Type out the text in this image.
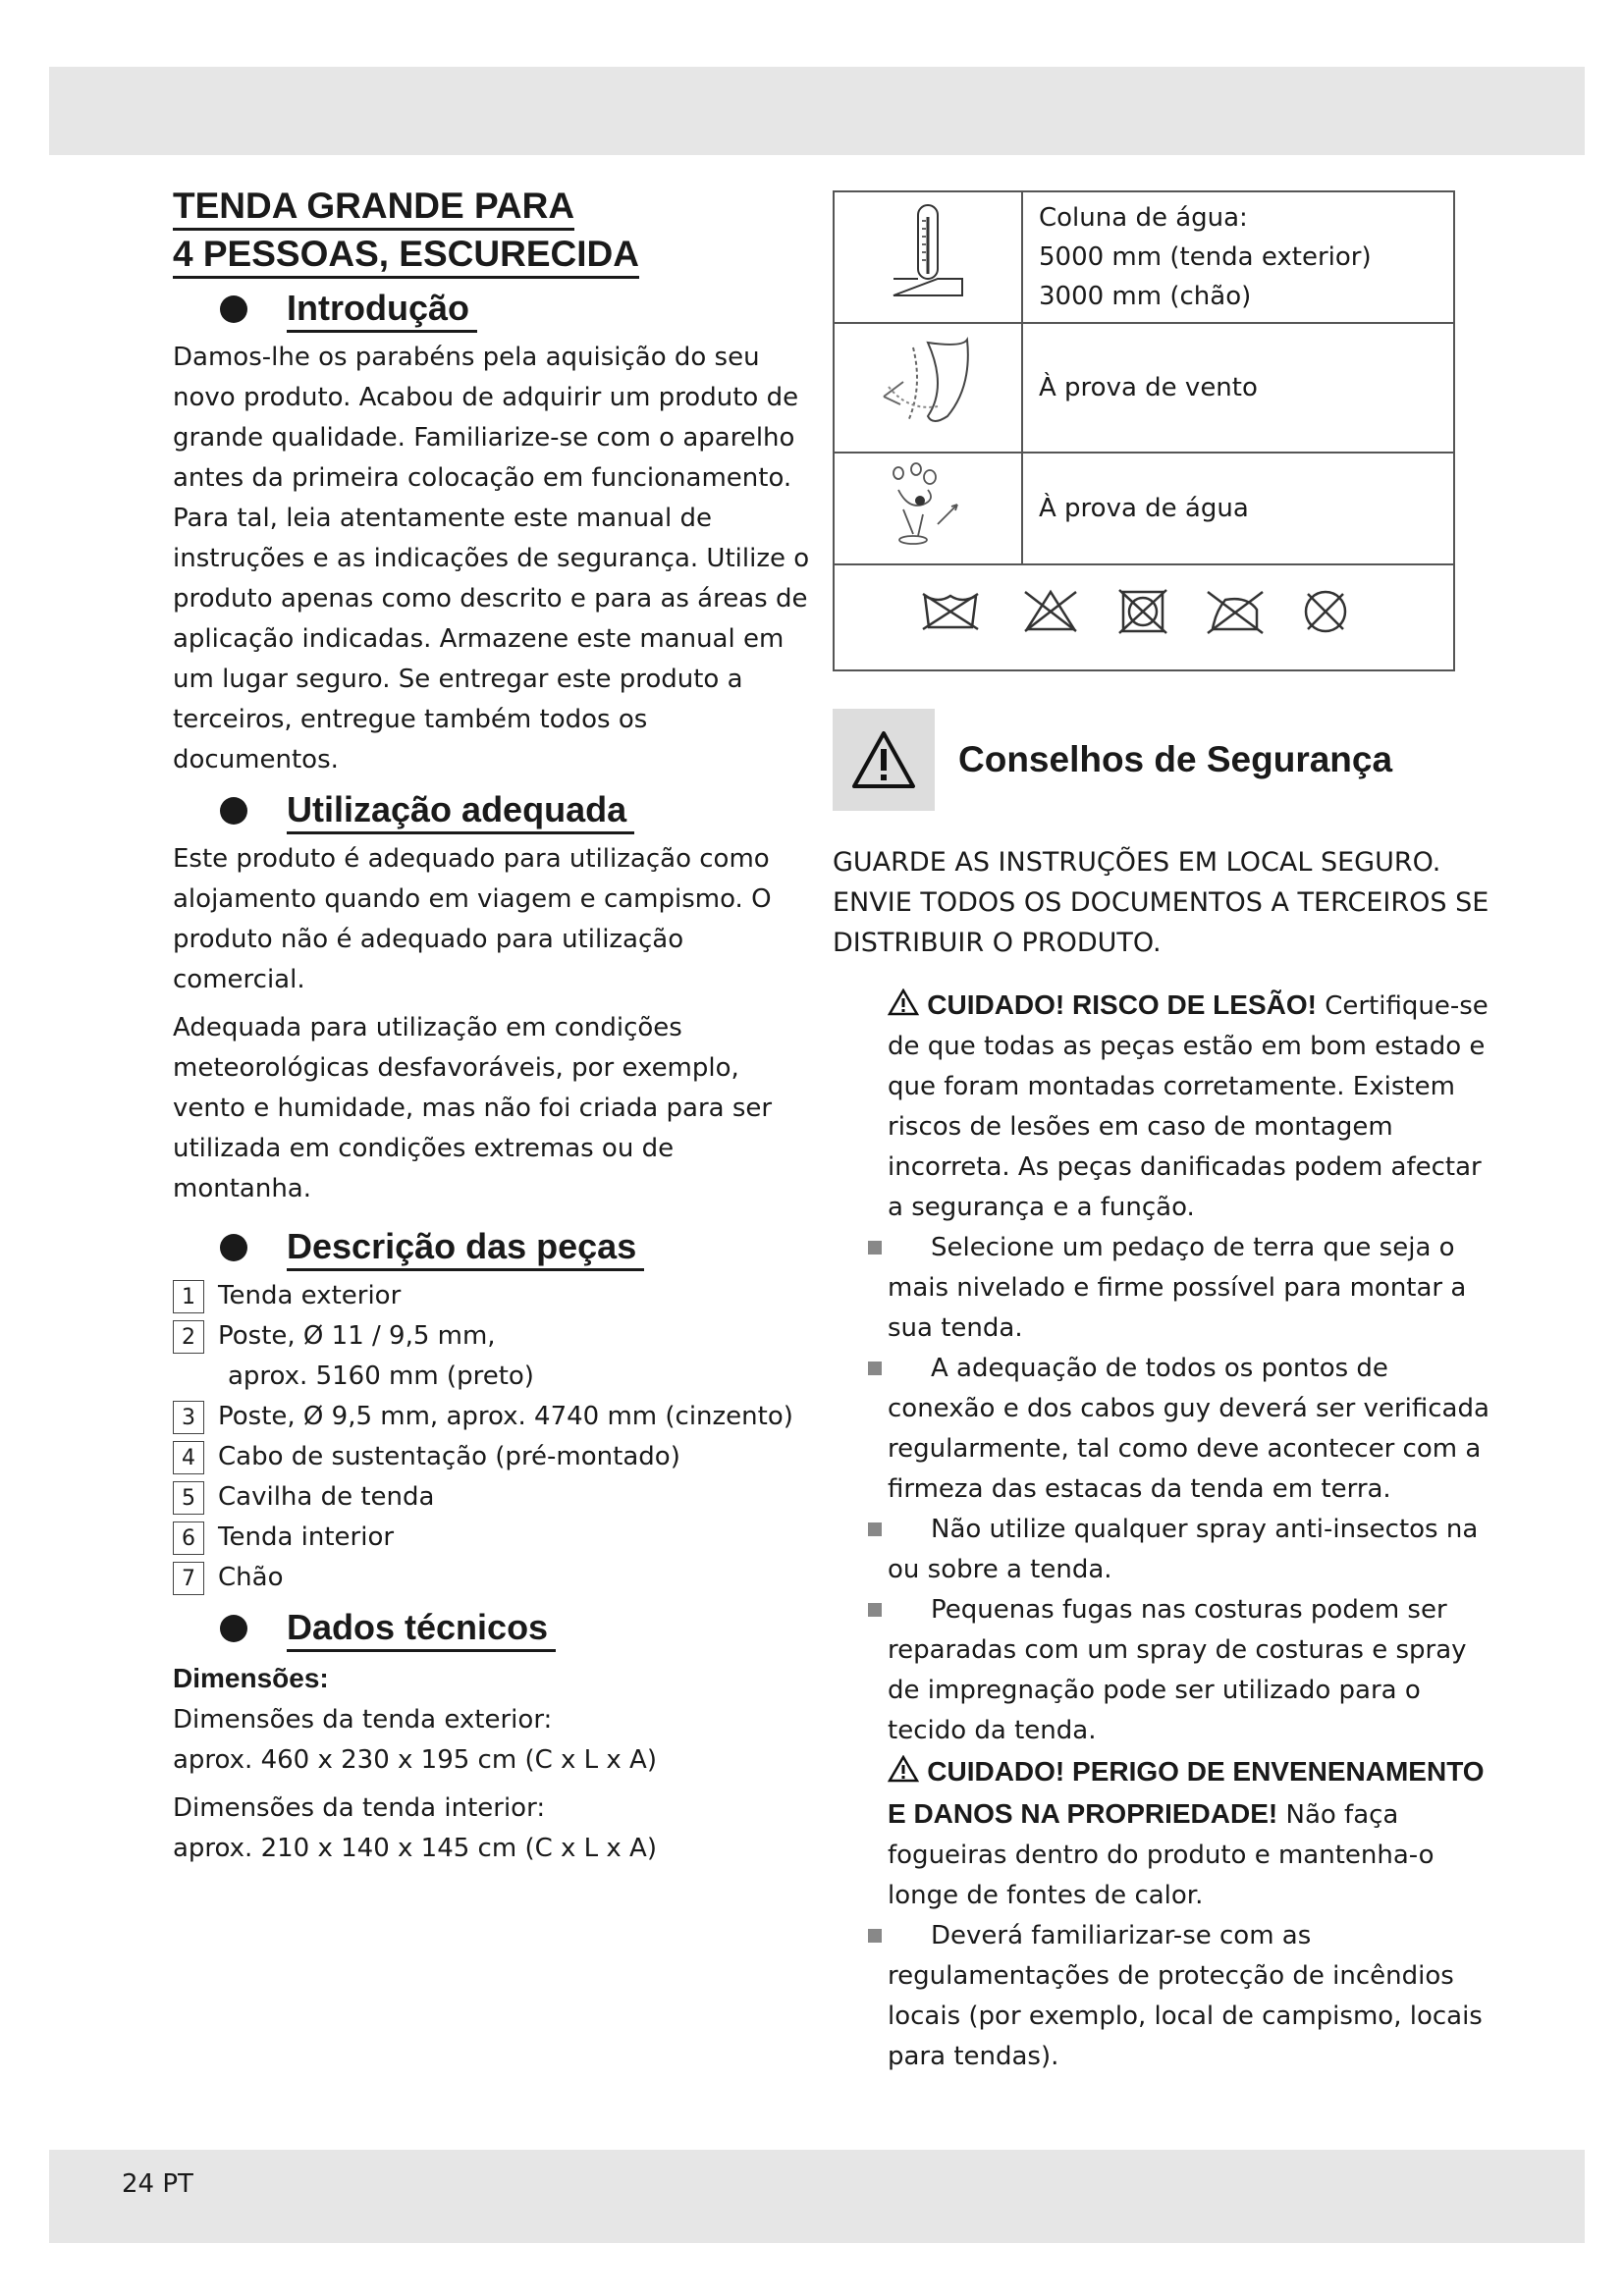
TENDA GRANDE PARA
4 PESSOAS, ESCURECIDA
Introdução

Damos-lhe os parabéns pela aquisição do seu novo produto. Acabou de adquirir um produto de grande qualidade. Familiarize-se com o aparelho antes da primeira colocação em funcionamento. Para tal, leia atentamente este manual de instruções e as indicações de segurança. Utilize o produto apenas como descrito e para as áreas de aplicação indicadas. Armazene este manual em um lugar seguro. Se entregar este produto a terceiros, entregue também todos os documentos.

Utilização adequada

Este produto é adequado para utilização como alojamento quando em viagem e campismo. O produto não é adequado para utilização comercial.

Adequada para utilização em condições meteorológicas desfavoráveis, por exemplo, vento e humidade, mas não foi criada para ser utilizada em condições extremas ou de montanha.

Descrição das peças
1 Tenda exterior
2 Poste, Ø 11 / 9,5 mm,
aprox. 5160 mm (preto)
3 Poste, Ø 9,5 mm, aprox. 4740 mm (cinzento)
4 Cabo de sustentação (pré-montado)
5 Cavilha de tenda
6 Tenda interior
7 Chão
Dados técnicos

Dimensões:

Dimensões da tenda exterior:

aprox. 460 x 230 x 195 cm (C x L x A)

Dimensões da tenda interior:

aprox. 210 x 140 x 145 cm (C x L x A)

Coluna de água:
5000 mm (tenda exterior)
3000 mm (chão)

	À prova de vento
	À prova de água

Conselhos de Segurança

GUARDE AS INSTRUÇÕES EM LOCAL SEGURO. ENVIE TODOS OS DOCUMENTOS A TERCEIROS SE DISTRIBUIR O PRODUTO.

CUIDADO! RISCO DE LESÃO! Certifique-se de que todas as peças estão em bom estado e que foram montadas corretamente. Existem riscos de lesões em caso de montagem incorreta. As peças danificadas podem afectar a segurança e a função.

Selecione um pedaço de terra que seja o mais nivelado e firme possível para montar a sua tenda.

A adequação de todos os pontos de conexão e dos cabos guy deverá ser verificada regularmente, tal como deve acontecer com a firmeza das estacas da tenda em terra.

Não utilize qualquer spray anti-insectos na ou sobre a tenda.

Pequenas fugas nas costuras podem ser reparadas com um spray de costuras e spray de impregnação pode ser utilizado para o tecido da tenda.

CUIDADO! PERIGO DE ENVENENAMENTO E DANOS NA PROPRIEDADE! Não faça fogueiras dentro do produto e mantenha-o longe de fontes de calor.

Deverá familiarizar-se com as regulamentações de protecção de incêndios locais (por exemplo, local de campismo, locais para tendas).

24 PT
